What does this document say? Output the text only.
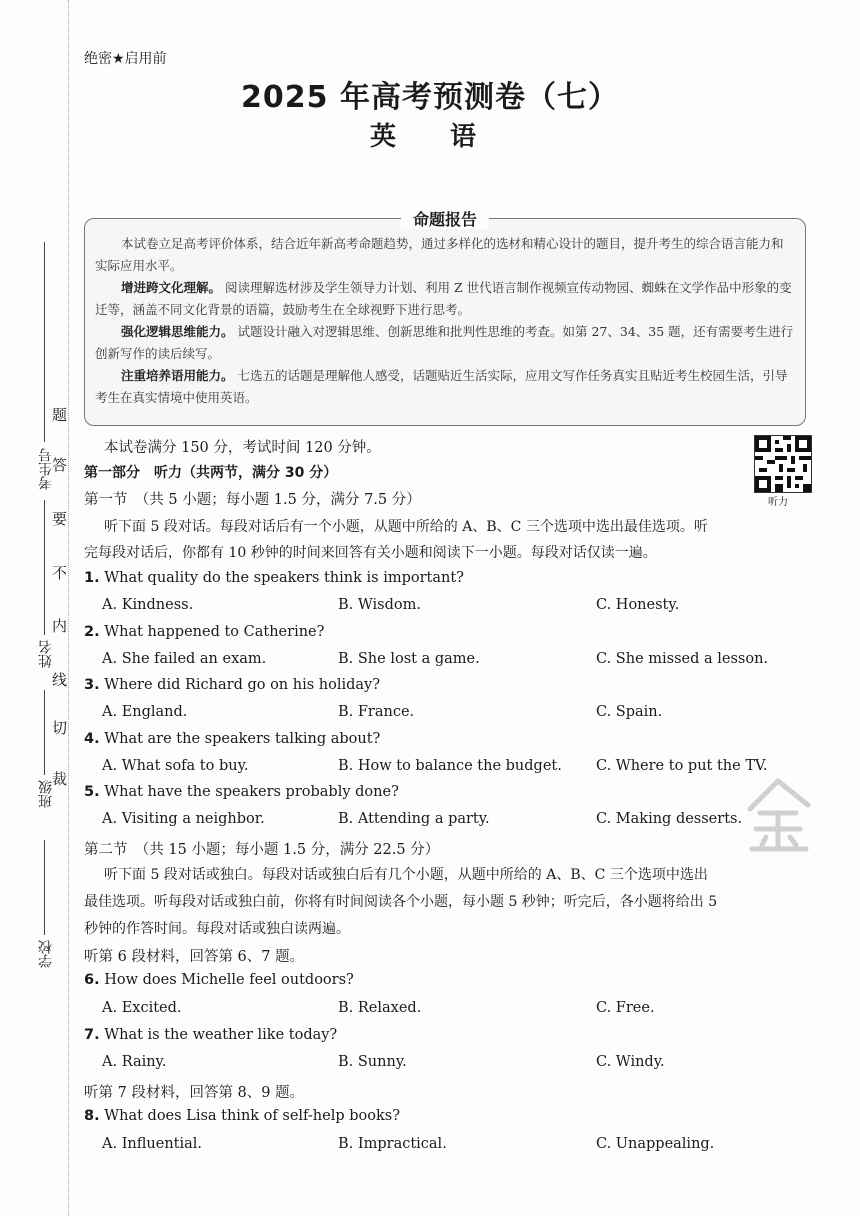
考生号
姓名
班级
学校
题
答
要
不
内
线
切
裁
绝密★启用前
2025 年高考预测卷（七）
英　语
命题报告

本试卷立足高考评价体系，结合近年新高考命题趋势，通过多样化的选材和精心设计的题目，提升考生的综合语言能力和实际应用水平。

增进跨文化理解。 阅读理解选材涉及学生领导力计划、利用 Z 世代语言制作视频宣传动物园、蜘蛛在文学作品中形象的变迁等，涵盖不同文化背景的语篇，鼓励考生在全球视野下进行思考。

强化逻辑思维能力。 试题设计融入对逻辑思维、创新思维和批判性思维的考查。如第 27、34、35 题，还有需要考生进行创新写作的读后续写。

注重培养语用能力。 七选五的话题是理解他人感受，话题贴近生活实际，应用文写作任务真实且贴近考生校园生活，引导考生在真实情境中使用英语。

听力
本试卷满分 150 分，考试时间 120 分钟。
第一部分　听力（共两节，满分 30 分）
第一节　（共 5 小题；每小题 1.5 分，满分 7.5 分）
听下面 5 段对话。每段对话后有一个小题，从题中所给的 A、B、C 三个选项中选出最佳选项。听
完每段对话后，你都有 10 秒钟的时间来回答有关小题和阅读下一小题。每段对话仅读一遍。
1. What quality do the speakers think is important?
A. Kindness.	B. Wisdom.	C. Honesty.
2. What happened to Catherine?
A. She failed an exam.	B. She lost a game.	C. She missed a lesson.
3. Where did Richard go on his holiday?
A. England.	B. France.	C. Spain.
4. What are the speakers talking about?
A. What sofa to buy.	B. How to balance the budget. C. Where to put the TV.
5. What have the speakers probably done?
A. Visiting a neighbor.	B. Attending a party.	C. Making desserts.
第二节　（共 15 小题；每小题 1.5 分，满分 22.5 分）
听下面 5 段对话或独白。每段对话或独白后有几个小题，从题中所给的 A、B、C 三个选项中选出
最佳选项。听每段对话或独白前，你将有时间阅读各个小题，每小题 5 秒钟；听完后，各小题将给出 5
秒钟的作答时间。每段对话或独白读两遍。
听第 6 段材料，回答第 6、7 题。
6. How does Michelle feel outdoors?
A. Excited.	B. Relaxed.	C. Free.
7. What is the weather like today?
A. Rainy.	B. Sunny.	C. Windy.
听第 7 段材料，回答第 8、9 题。
8. What does Lisa think of self-help books?
A. Influential.	B. Impractical.	C. Unappealing.
